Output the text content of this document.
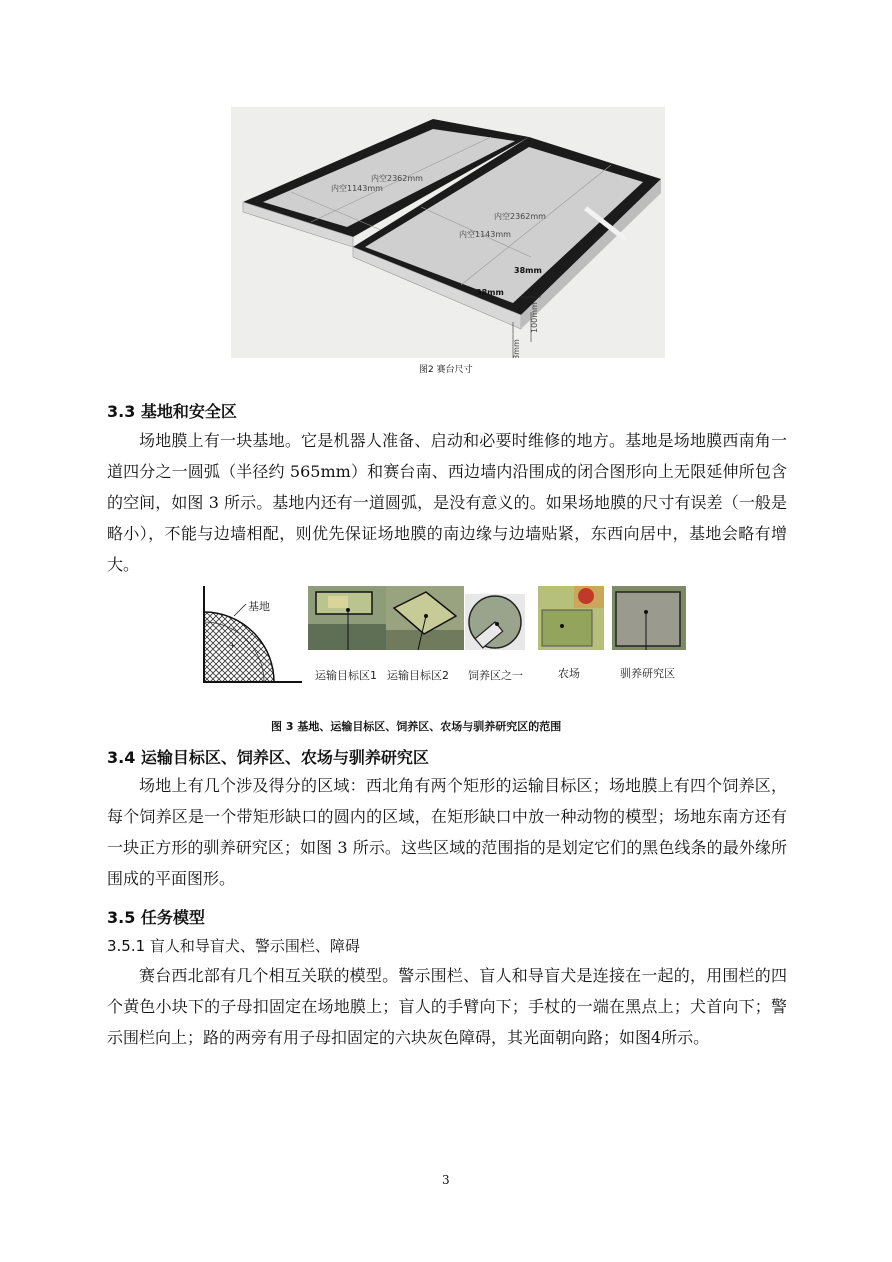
内空2362mm
内空1143mm
内空2362mm
内空1143mm
38mm
38mm
100mm
18mm
图2 赛台尺寸
3.3 基地和安全区
场地膜上有一块基地。它是机器人准备、启动和必要时维修的地方。基地是场地膜西南角一道四分之一圆弧（半径约 565mm）和赛台南、西边墙内沿围成的闭合图形向上无限延伸所包含的空间，如图 3 所示。基地内还有一道圆弧，是没有意义的。如果场地膜的尺寸有误差（一般是略小），不能与边墙相配，则优先保证场地膜的南边缘与边墙贴紧，东西向居中，基地会略有增大。
+
基地
运输目标区1 运输目标区2 饲养区之一	农场	驯养研究区
图 3 基地、运输目标区、饲养区、农场与驯养研究区的范围
3.4 运输目标区、饲养区、农场与驯养研究区
场地上有几个涉及得分的区域：西北角有两个矩形的运输目标区；场地膜上有四个饲养区，每个饲养区是一个带矩形缺口的圆内的区域，在矩形缺口中放一种动物的模型；场地东南方还有一块正方形的驯养研究区；如图 3 所示。这些区域的范围指的是划定它们的黑色线条的最外缘所围成的平面图形。
3.5 任务模型
3.5.1 盲人和导盲犬、警示围栏、障碍
赛台西北部有几个相互关联的模型。警示围栏、盲人和导盲犬是连接在一起的，用围栏的四个黄色小块下的子母扣固定在场地膜上；盲人的手臂向下；手杖的一端在黑点上；犬首向下；警示围栏向上；路的两旁有用子母扣固定的六块灰色障碍，其光面朝向路；如图4所示。
3
